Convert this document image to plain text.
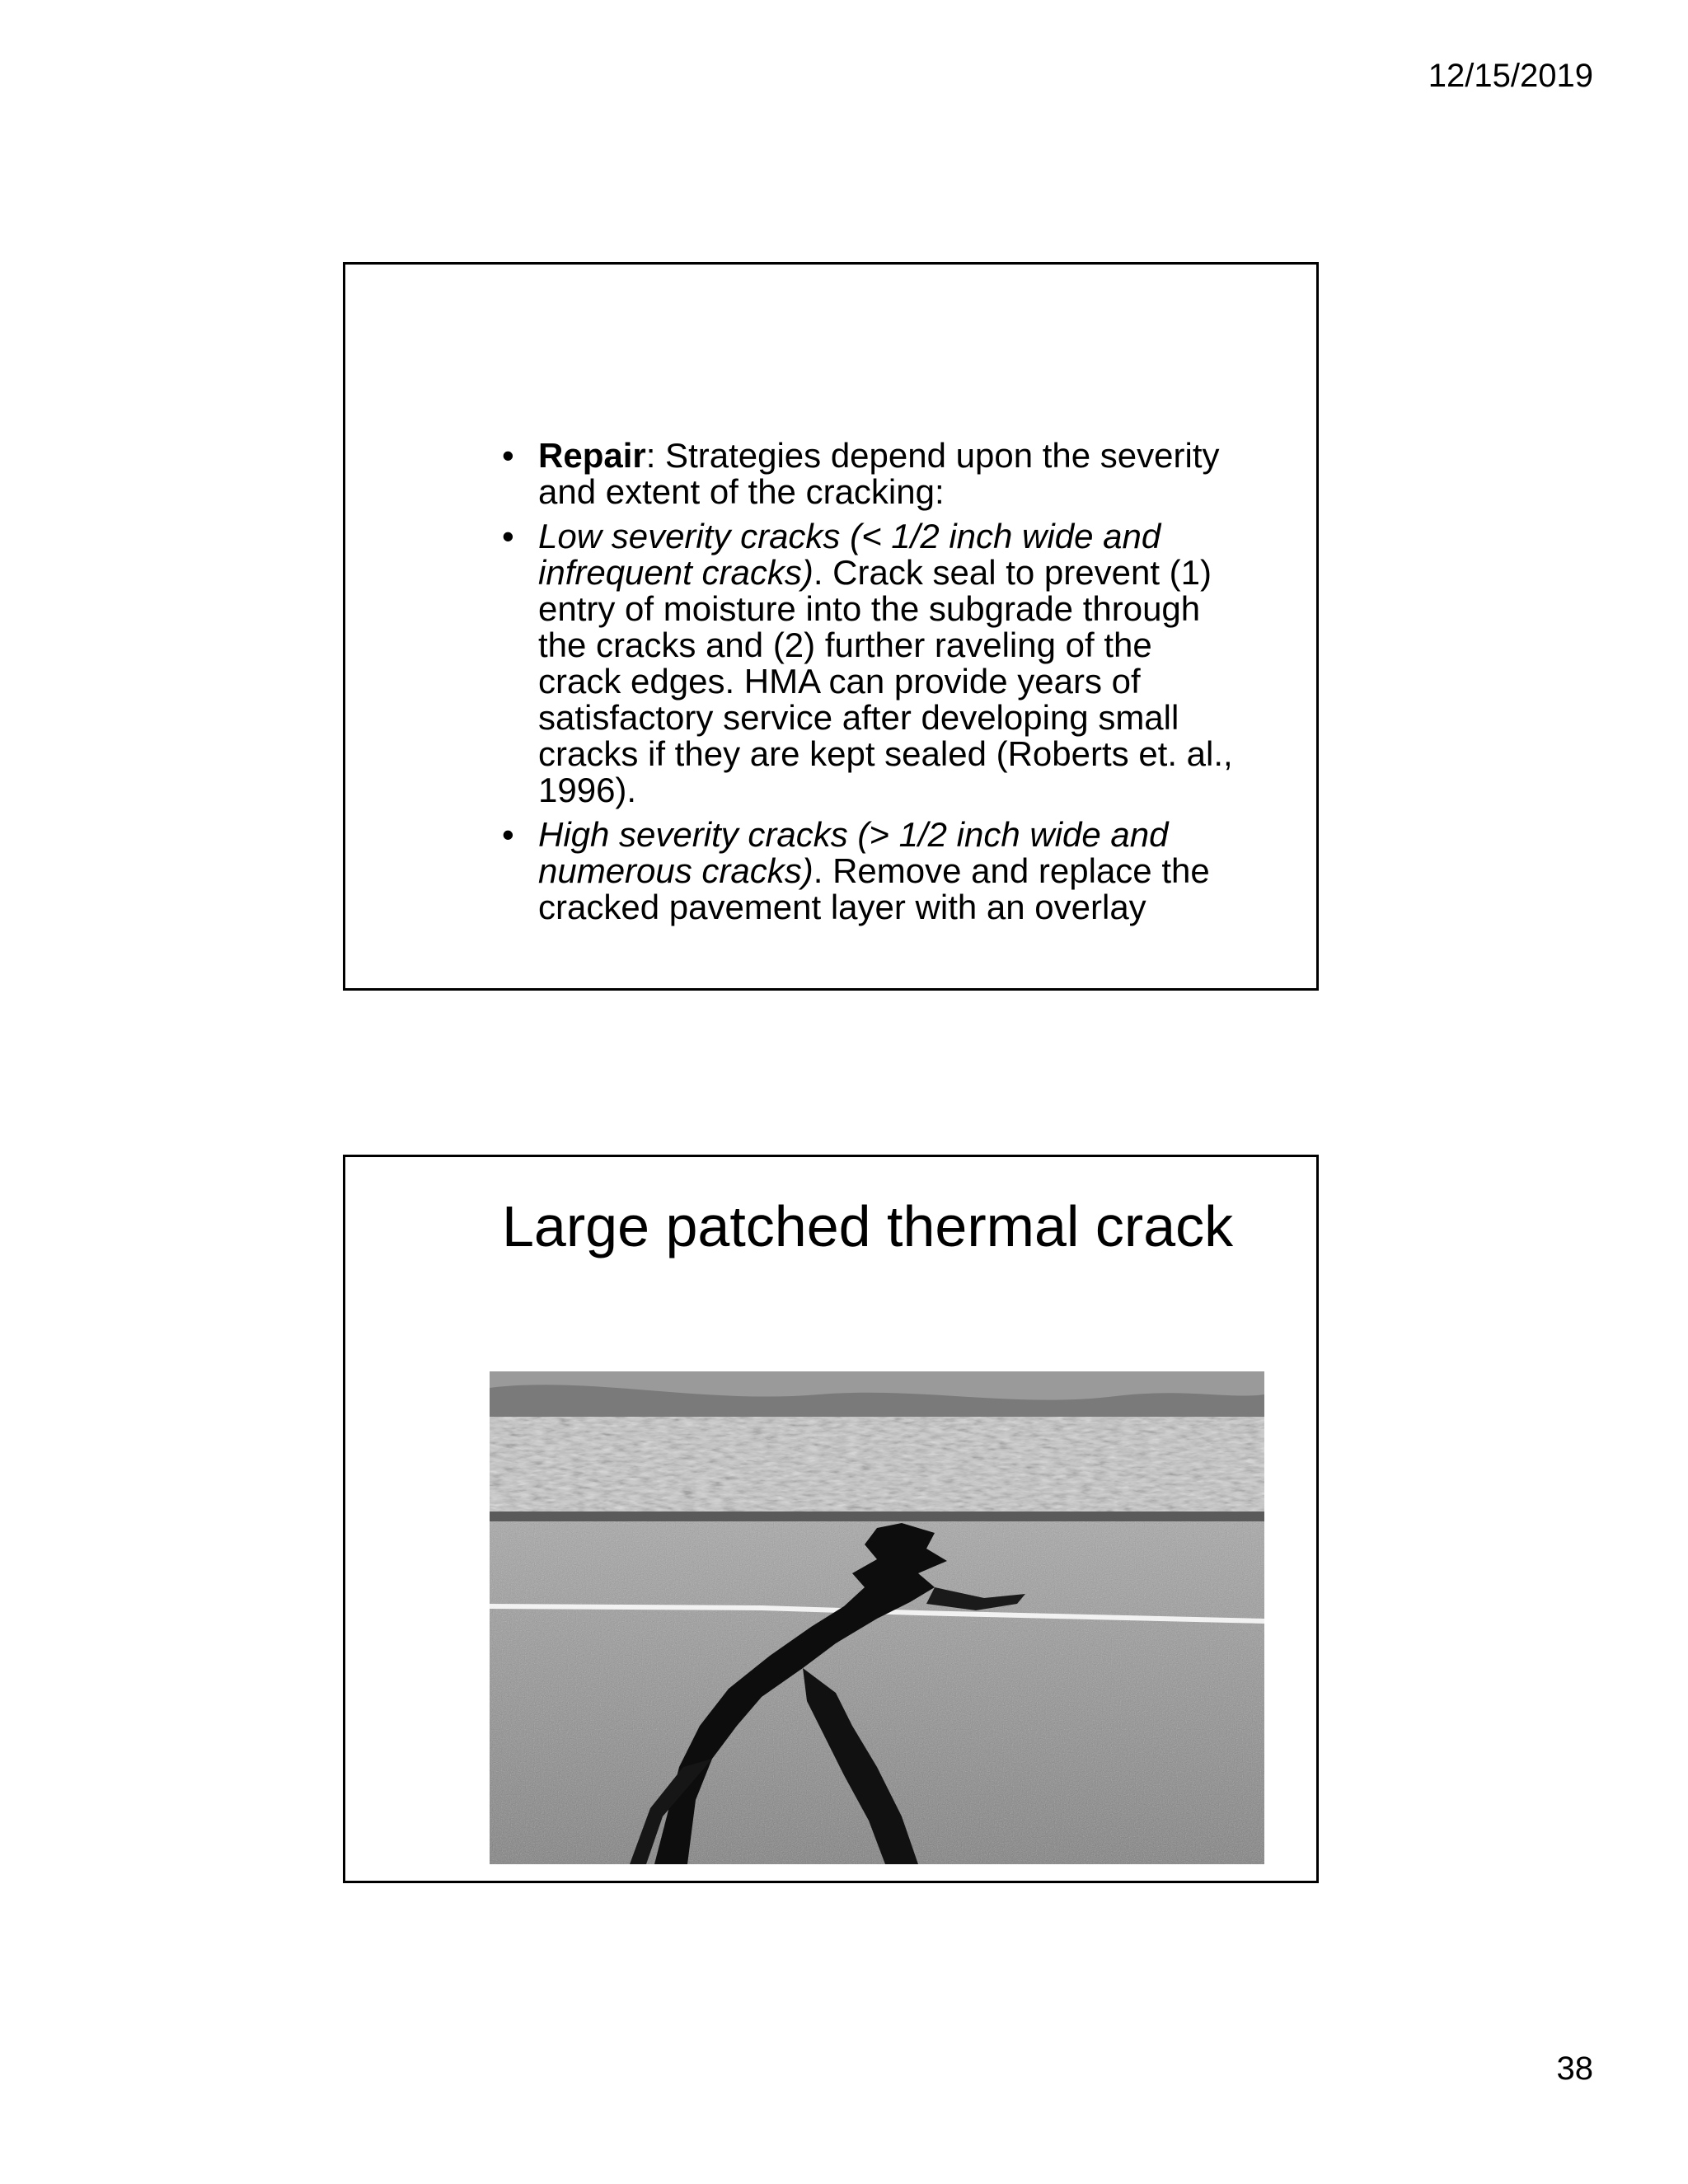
12/15/2019
• Repair: Strategies depend upon the severity and extent of the cracking:
• Low severity cracks (< 1/2 inch wide and infrequent cracks). Crack seal to prevent (1) entry of moisture into the subgrade through the cracks and (2) further raveling of the crack edges. HMA can provide years of satisfactory service after developing small cracks if they are kept sealed (Roberts et. al., 1996).
• High severity cracks (> 1/2 inch wide and numerous cracks). Remove and replace the cracked pavement layer with an overlay
Large patched thermal crack
38
